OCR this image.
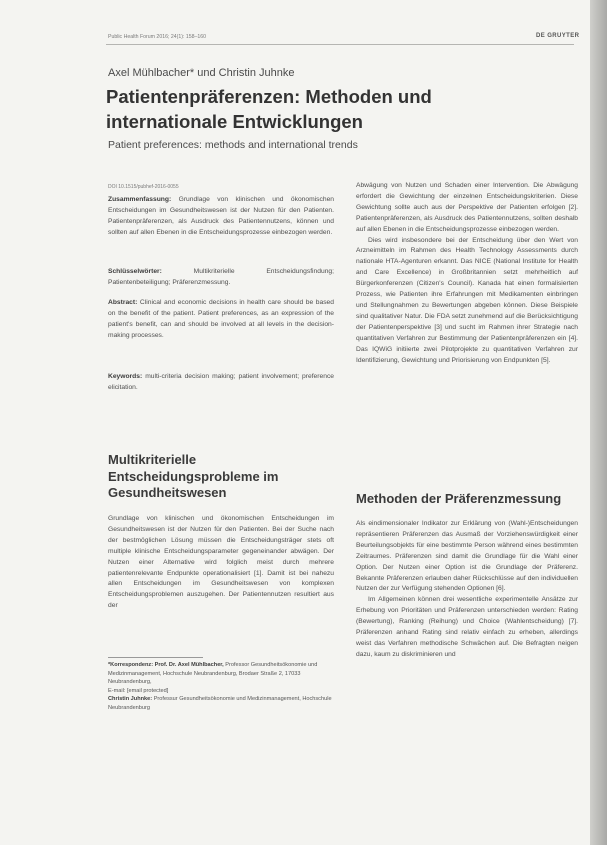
Public Health Forum 2016; 24(1): 158–160	DE GRUYTER
Axel Mühlbacher* und Christin Juhnke
Patientenpräferenzen: Methoden und
internationale Entwicklungen
Patient preferences: methods and international trends
DOI 10.1515/pubhef-2016-0055

Zusammenfassung: Grundlage von klinischen und ökonomischen Entscheidungen im Gesundheitswesen ist der Nutzen für den Patienten. Patientenpräferenzen, als Ausdruck des Patientennutzens, können und sollten auf allen Ebenen in die Entscheidungsprozesse einbezogen werden.

Schlüsselwörter:	Multikriterielle Entscheidungsfindung; Patientenbeteiligung; Präferenzmessung.

Abstract: Clinical and economic decisions in health care should be based on the benefit of the patient. Patient preferences, as an expression of the patient's benefit, can and should be involved at all levels in the decision-making processes.

Keywords: multi-criteria decision making; patient involvement; preference elicitation.

Multikriterielle Entscheidungsprobleme im Gesundheitswesen

Grundlage von klinischen und ökonomischen Entscheidungen im Gesundheitswesen ist der Nutzen für den Patienten. Bei der Suche nach der bestmöglichen Lösung müssen die Entscheidungsträger stets oft multiple klinische Entscheidungsparameter gegeneinander abwägen. Der Nutzen einer Alternative wird folglich meist durch mehrere patientenrelevante Endpunkte operationalisiert [1]. Damit ist bei nahezu allen Entscheidungen im Gesundheitswesen von komplexen Entscheidungsproblemen auszugehen. Der Patientennutzen resultiert aus der

*Korrespondenz: Prof. Dr. Axel Mühlbacher, Professor Gesundheitsökonomie und Medizinmanagement, Hochschule Neubrandenburg, Brodaer Straße 2, 17033 Neubrandenburg,

E-mail: [email protected]

Christin Juhnke: Professur Gesundheitsökonomie und Medizinmanagement, Hochschule Neubrandenburg

Abwägung von Nutzen und Schaden einer Intervention. Die Abwägung erfordert die Gewichtung der einzelnen Entscheidungskriterien. Diese Gewichtung sollte auch aus der Perspektive der Patienten erfolgen [2]. Patientenpräferenzen, als Ausdruck des Patientennutzens, sollten deshalb auf allen Ebenen in die Entscheidungsprozesse einbezogen werden.

Dies wird insbesondere bei der Entscheidung über den Wert von Arzneimitteln im Rahmen des Health Technology Assessments durch nationale HTA-Agenturen erkannt. Das NICE (National Institute for Health and Care Excellence) in Großbritannien setzt mehrheitlich auf Bürgerkonferenzen (Citizen's Council). Kanada hat einen formalisierten Prozess, wie Patienten ihre Erfahrungen mit Medikamenten einbringen und Stellungnahmen zu Bewertungen abgeben können. Diese Beispiele sind qualitativer Natur. Die FDA setzt zunehmend auf die Berücksichtigung der Patientenperspektive [3] und sucht im Rahmen ihrer Strategie nach quantitativen Verfahren zur Bestimmung der Patientenpräferenzen ein [4]. Das IQWiG initiierte zwei Pilotprojekte zu quantitativen Verfahren zur Identifizierung, Gewichtung und Priorisierung von Endpunkten [5].

Methoden der Präferenzmessung

Als eindimensionaler Indikator zur Erklärung von (Wahl-)Entscheidungen repräsentieren Präferenzen das Ausmaß der Vorziehenswürdigkeit einer Beurteilungsobjekts für eine bestimmte Person während eines bestimmten Zeitraumes. Präferenzen sind damit die Grundlage für die Wahl einer Option. Der Nutzen einer Option ist die Grundlage der Präferenz. Bekannte Präferenzen erlauben daher Rückschlüsse auf den individuellen Nutzen der zur Verfügung stehenden Optionen [6].

Im Allgemeinen können drei wesentliche experimentelle Ansätze zur Erhebung von Prioritäten und Präferenzen unterschieden werden: Rating (Bewertung), Ranking (Reihung) und Choice (Wahlentscheidung) [7]. Präferenzen anhand Rating sind relativ einfach zu erheben, allerdings weist das Verfahren methodische Schwächen auf. Die Befragten neigen dazu, kaum zu diskriminieren und
